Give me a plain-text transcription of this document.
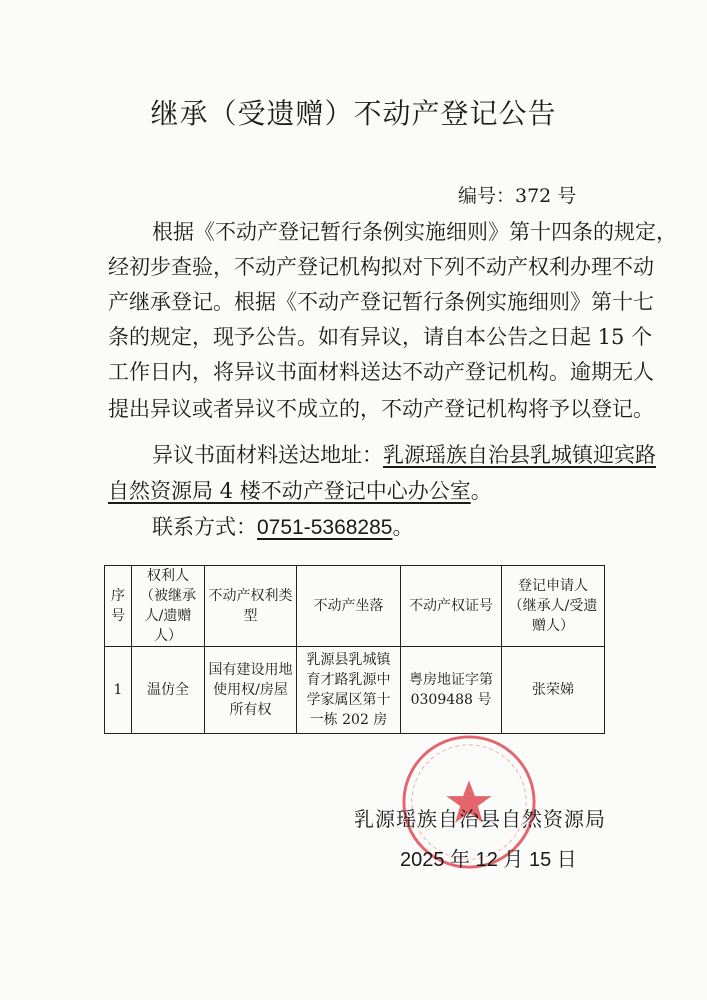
继承（受遗赠）不动产登记公告
编号：372 号
根据《不动产登记暂行条例实施细则》第十四条的规定，
经初步查验，不动产登记机构拟对下列不动产权利办理不动
产继承登记。根据《不动产登记暂行条例实施细则》第十七
条的规定，现予公告。如有异议，请自本公告之日起 15 个
工作日内，将异议书面材料送达不动产登记机构。逾期无人
提出异议或者异议不成立的，不动产登记机构将予以登记。
异议书面材料送达地址：乳源瑶族自治县乳城镇迎宾路
自然资源局 4 楼不动产登记中心办公室。
联系方式：0751-5368285。
序号	权利人（被继承人/遗赠人）	不动产权利类型	不动产坐落	不动产权证号	登记申请人（继承人/受遗赠人）
1	温仿全	国有建设用地使用权/房屋所有权	乳源县乳城镇育才路乳源中学家属区第十一栋 202 房	粤房地证字第 0309488 号	张荣娣
乳源瑶族自治县自然资源局
2025 年 12 月 15 日
